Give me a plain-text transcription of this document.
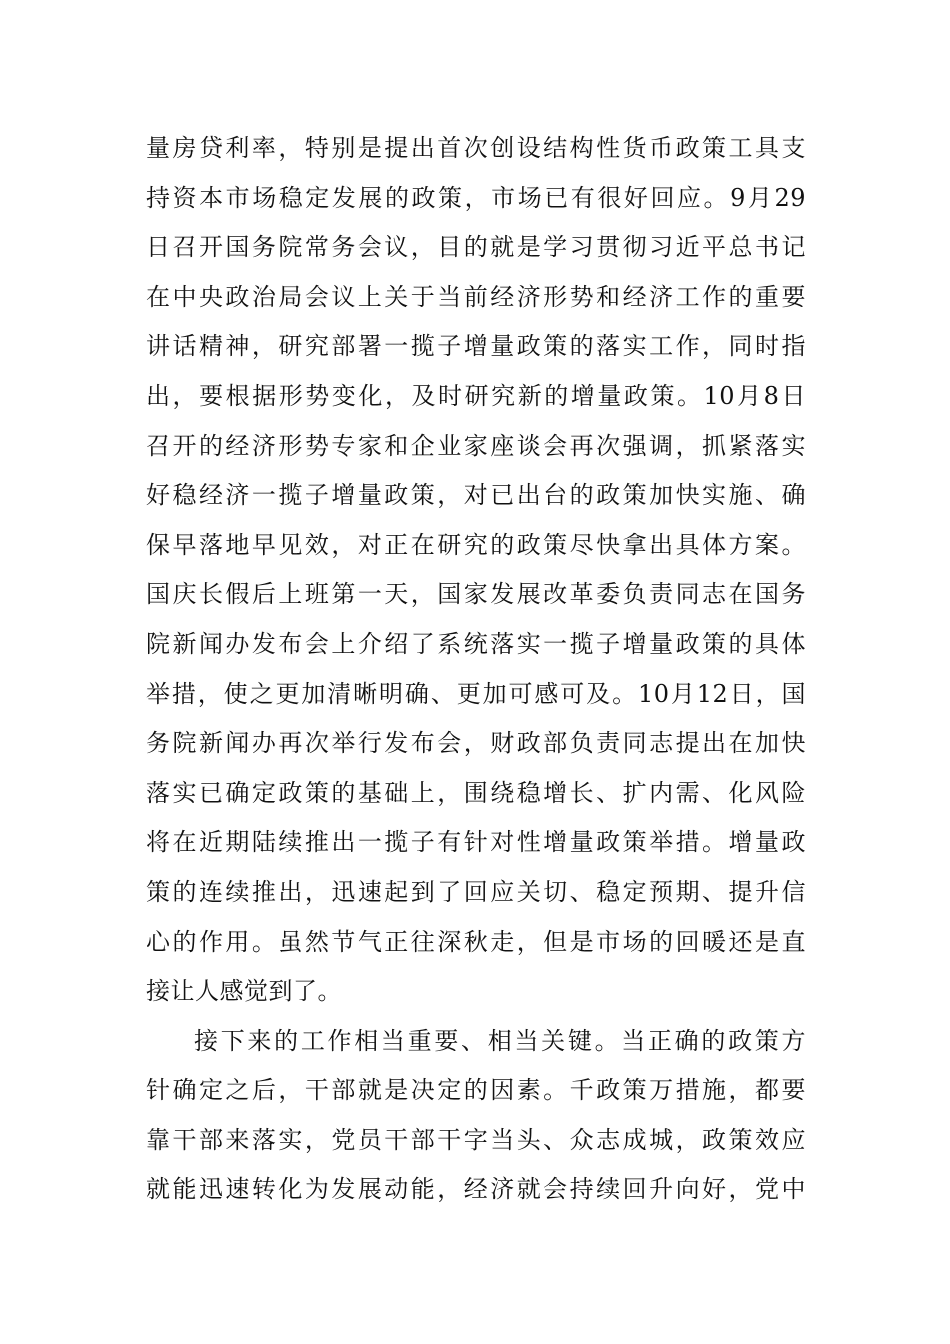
量房贷利率，特别是提出首次创设结构性货币政策工具支
持资本市场稳定发展的政策，市场已有很好回应。9月29
日召开国务院常务会议，目的就是学习贯彻习近平总书记
在中央政治局会议上关于当前经济形势和经济工作的重要
讲话精神，研究部署一揽子增量政策的落实工作，同时指
出，要根据形势变化，及时研究新的增量政策。10月8日
召开的经济形势专家和企业家座谈会再次强调，抓紧落实
好稳经济一揽子增量政策，对已出台的政策加快实施、确
保早落地早见效，对正在研究的政策尽快拿出具体方案。
国庆长假后上班第一天，国家发展改革委负责同志在国务
院新闻办发布会上介绍了系统落实一揽子增量政策的具体
举措，使之更加清晰明确、更加可感可及。10月12日，国
务院新闻办再次举行发布会，财政部负责同志提出在加快
落实已确定政策的基础上，围绕稳增长、扩内需、化风险
将在近期陆续推出一揽子有针对性增量政策举措。增量政
策的连续推出，迅速起到了回应关切、稳定预期、提升信
心的作用。虽然节气正往深秋走，但是市场的回暖还是直
接让人感觉到了。
接下来的工作相当重要、相当关键。当正确的政策方
针确定之后，干部就是决定的因素。千政策万措施，都要
靠干部来落实，党员干部干字当头、众志成城，政策效应
就能迅速转化为发展动能，经济就会持续回升向好，党中
